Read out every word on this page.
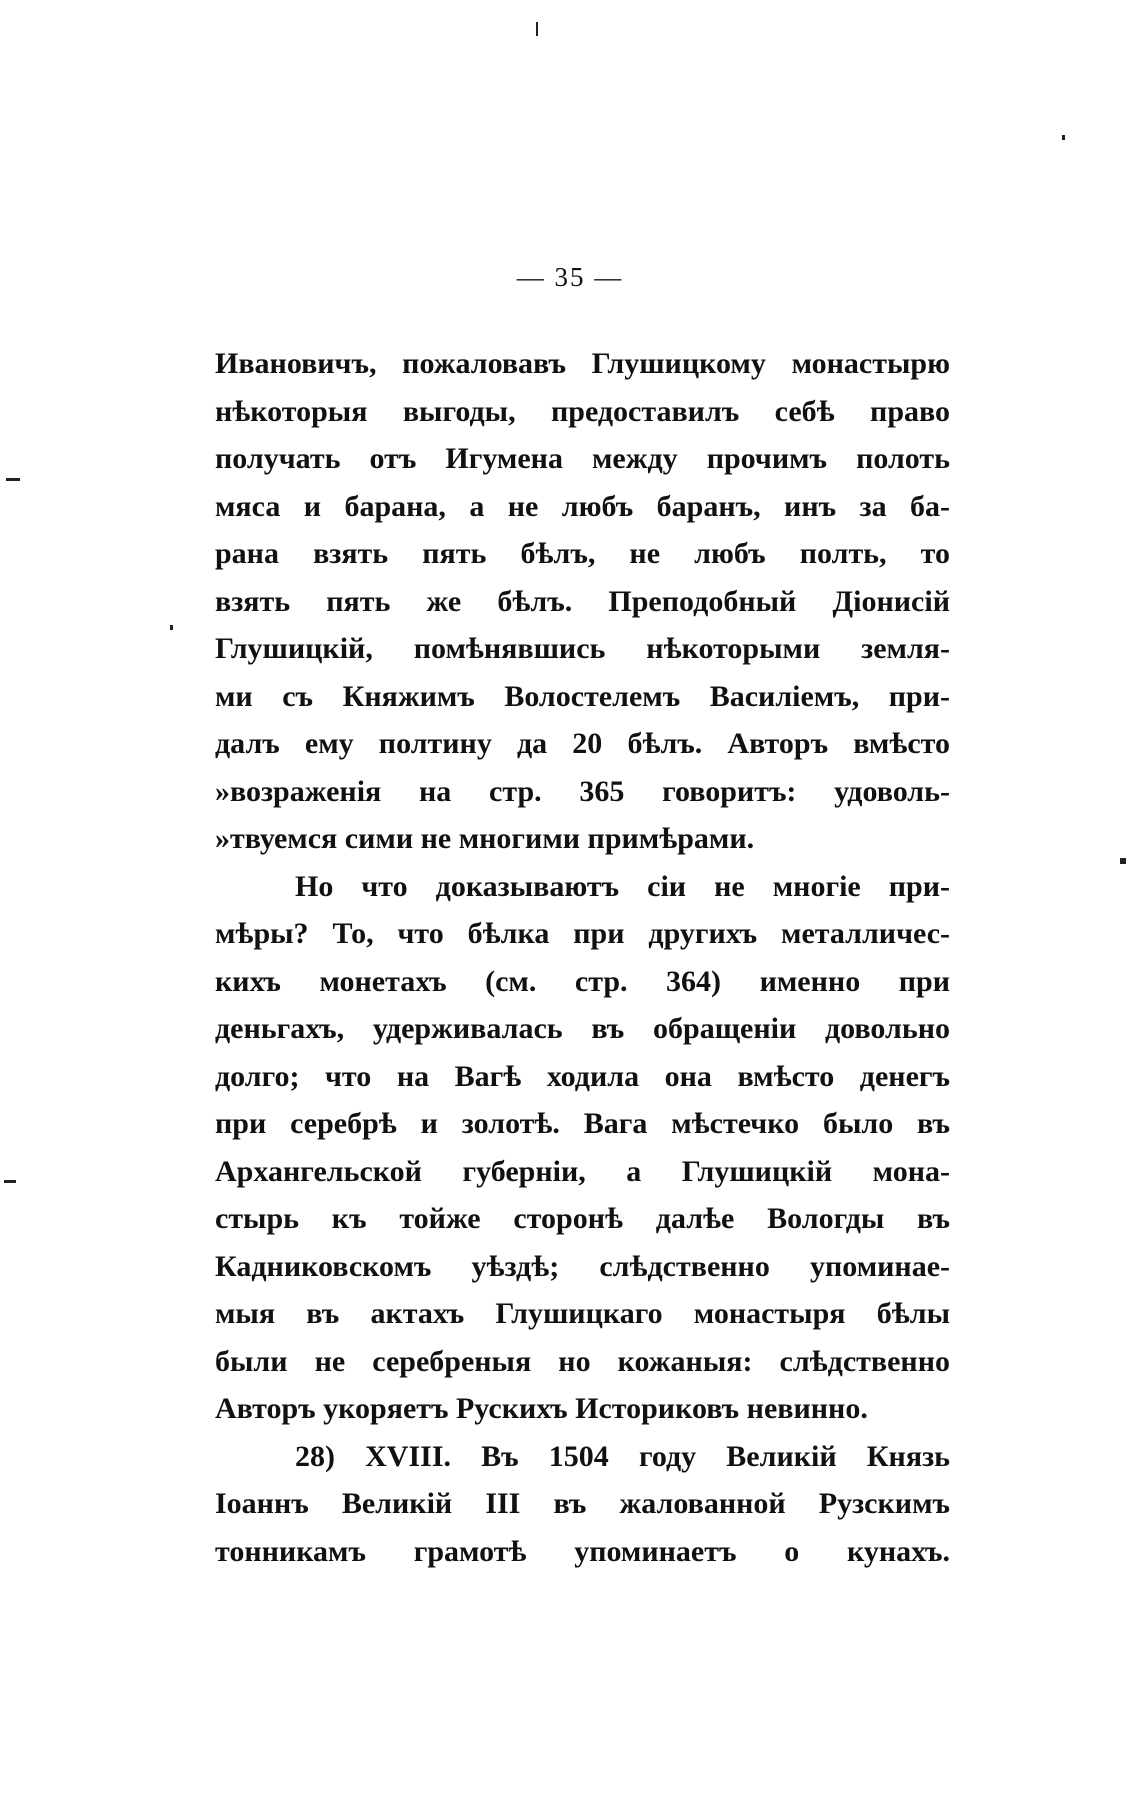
— 35 —
Ивановичъ, пожаловавъ Глушицкому монастырю
нѣкоторыя выгоды, предоставилъ себѣ право
получать отъ Игумена между прочимъ полоть
мяса и барана, а не любъ баранъ, инъ за ба-
рана взять пять бѣлъ, не любъ полть, то
взять пять же бѣлъ. Преподобный Діонисій
Глушицкій, помѣнявшись нѣкоторыми земля-
ми съ Княжимъ Волостелемъ Василіемъ, при-
далъ ему полтину да 20 бѣлъ. Авторъ вмѣсто
»возраженія на стр. 365 говоритъ: удоволь-
»твуемся сими не многими примѣрами.
Но что доказываютъ сіи не многіе при-
мѣры? То, что бѣлка при другихъ металличес-
кихъ монетахъ (см. стр. 364) именно при
деньгахъ, удерживалась въ обращеніи довольно
долго; что на Вагѣ ходила она вмѣсто денегъ
при серебрѣ и золотѣ. Вага мѣстечко было въ
Архангельской губерніи, а Глушицкій мона-
стырь къ тойже сторонѣ далѣе Вологды въ
Кадниковскомъ уѣздѣ; слѣдственно упоминае-
мыя въ актахъ Глушицкаго монастыря бѣлы
были не серебреныя но кожаныя: слѣдственно
Авторъ укоряетъ Рускихъ Историковъ невинно.
28) XVIII. Въ 1504 году Великій Князь
Іоаннъ Великій III въ жалованной Рузскимъ
тонникамъ грамотѣ упоминаетъ о кунахъ.
